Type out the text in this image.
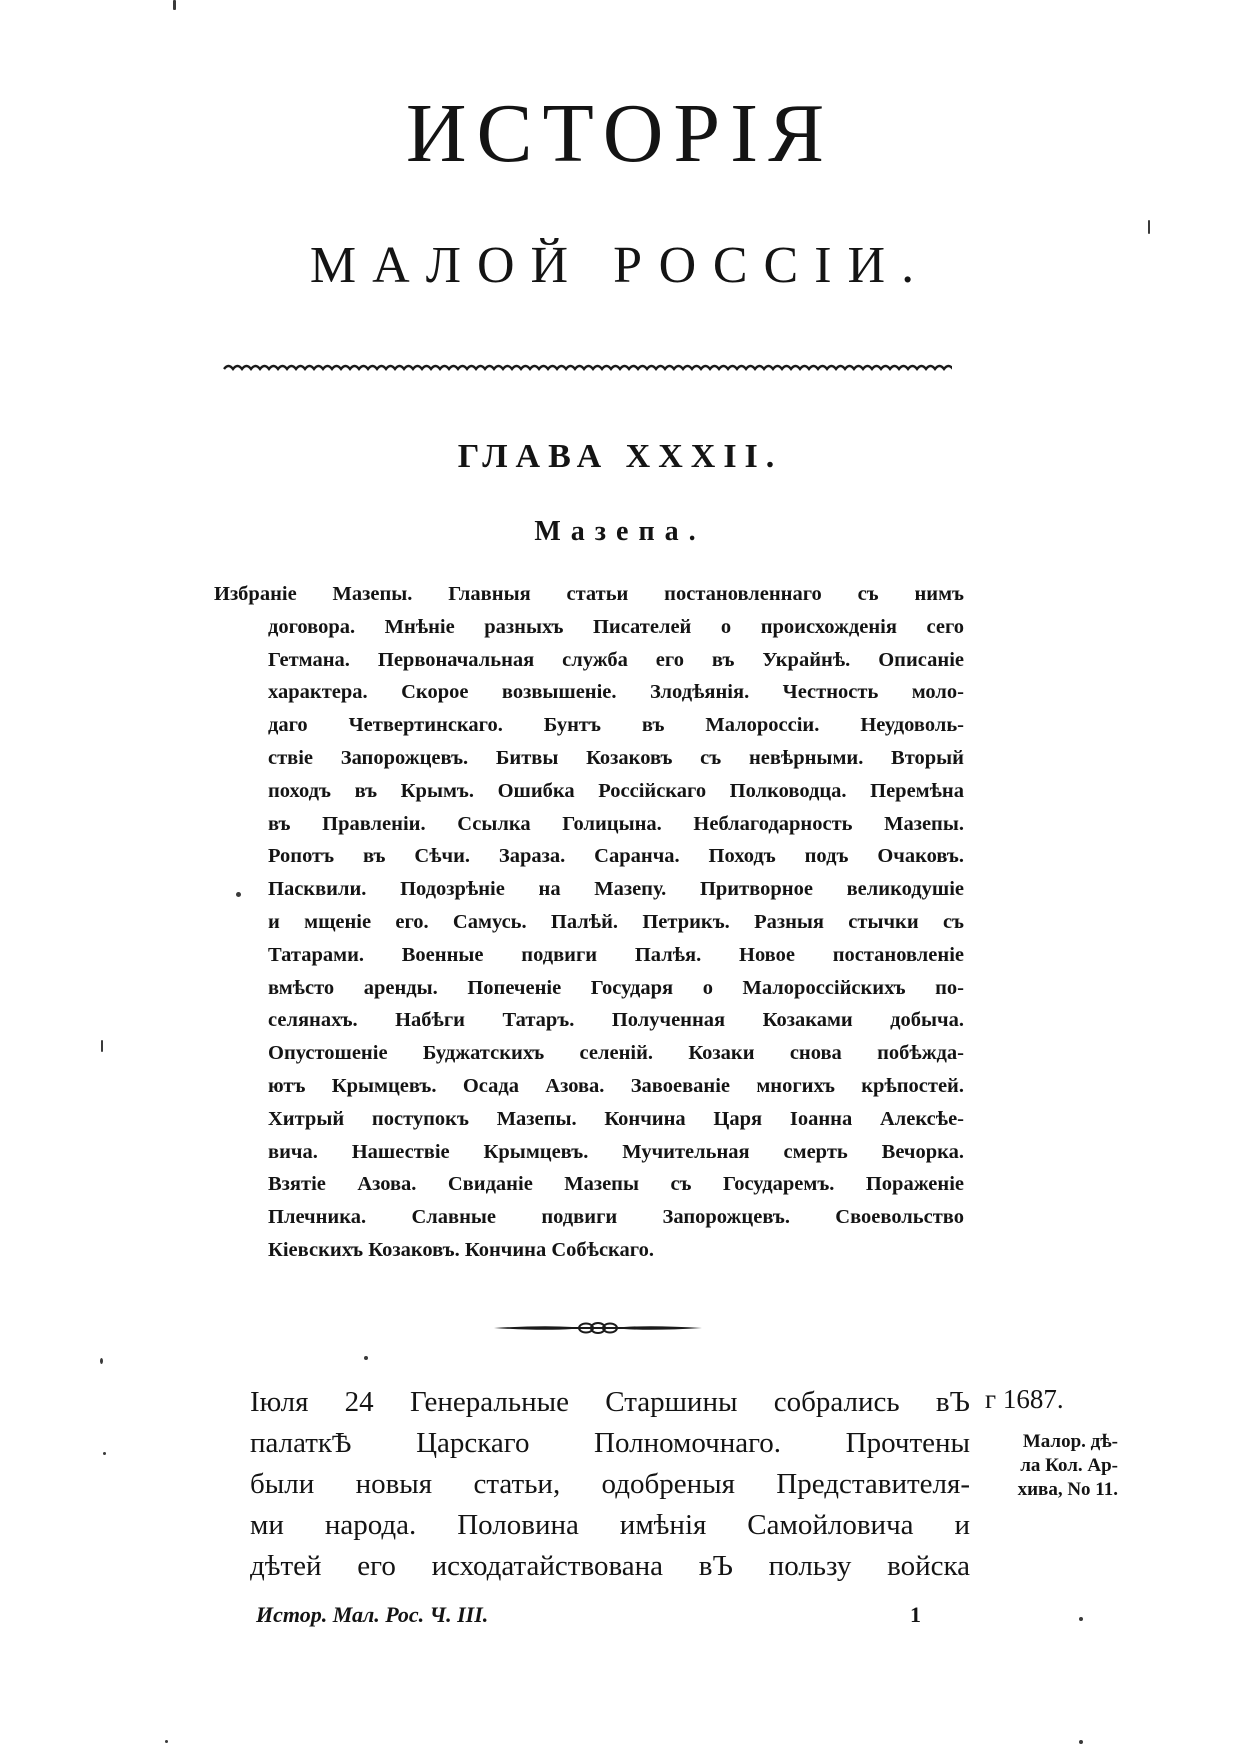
ИСТОРІЯ
МАЛОЙ РОССІИ.
ГЛАВА XXXII.
Мазепа.
Избраніе Мазепы. Главныя статьи постановленнаго съ нимъ
договора. Мнѣніе разныхъ Писателей о происхожденія сего
Гетмана. Первоначальная служба его въ Украйнѣ. Описаніе
характера. Скорое возвышеніе. Злодѣянія. Честность моло-
даго Четвертинскаго. Бунтъ въ Малороссіи. Неудоволь-
ствіе Запорожцевъ. Битвы Козаковъ съ невѣрными. Вторый
походъ въ Крымъ. Ошибка Россійскаго Полководца. Перемѣна
въ Правленіи. Ссылка Голицына. Неблагодарность Мазепы.
Ропотъ въ Сѣчи. Зараза. Саранча. Походъ подъ Очаковъ.
Пасквили. Подозрѣніе на Мазепу. Притворное великодушіе
и мщеніе его. Самусь. Палѣй. Петрикъ. Разныя стычки съ
Татарами. Военные подвиги Палѣя. Новое постановленіе
вмѣсто аренды. Попеченіе Государя о Малороссійскихъ по-
селянахъ. Набѣги Татаръ. Полученная Козаками добыча.
Опустошеніе Буджатскихъ селеній. Козаки снова побѣжда-
ютъ Крымцевъ. Осада Азова. Завоеваніе многихъ крѣпостей.
Хитрый поступокъ Мазепы. Кончина Царя Іоанна Алексѣе-
вича. Нашествіе Крымцевъ. Мучительная смерть Вечорка.
Взятіе Азова. Свиданіе Мазепы съ Государемъ. Пораженіе
Плечника. Славные подвиги Запорожцевъ. Своевольство
Кіевскихъ Козаковъ. Кончина Собѣскаго.
Іюля 24 Генеральные Старшины собрались вЪ
палаткѢ Царскаго Полномочнаго. Прочтены
были новыя статьи, одобреныя Представителя-
ми народа. Половина имѣнія Самойловича и
дѣтей его исходатайствована вЪ пользу войска
г 1687.
Малор. дѣ-
ла Кол. Ар-
хива, No 11.
Истор. Мал. Рос. Ч. III.	1
